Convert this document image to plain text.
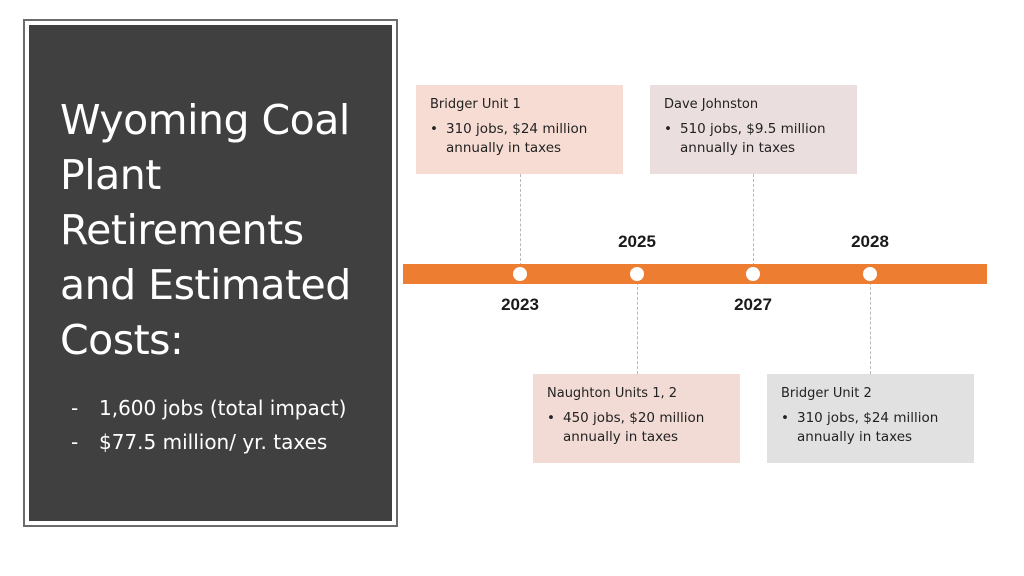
Wyoming Coal Plant Retirements and Estimated Costs:
- 1,600 jobs (total impact)
- $77.5 million/ yr. taxes
2025	2028
2023	2027
Bridger Unit 1
• 310 jobs, $24 million annually in taxes
Dave Johnston
• 510 jobs, $9.5 million annually in taxes
Naughton Units 1, 2
• 450 jobs, $20 million annually in taxes
Bridger Unit 2
• 310 jobs, $24 million annually in taxes
